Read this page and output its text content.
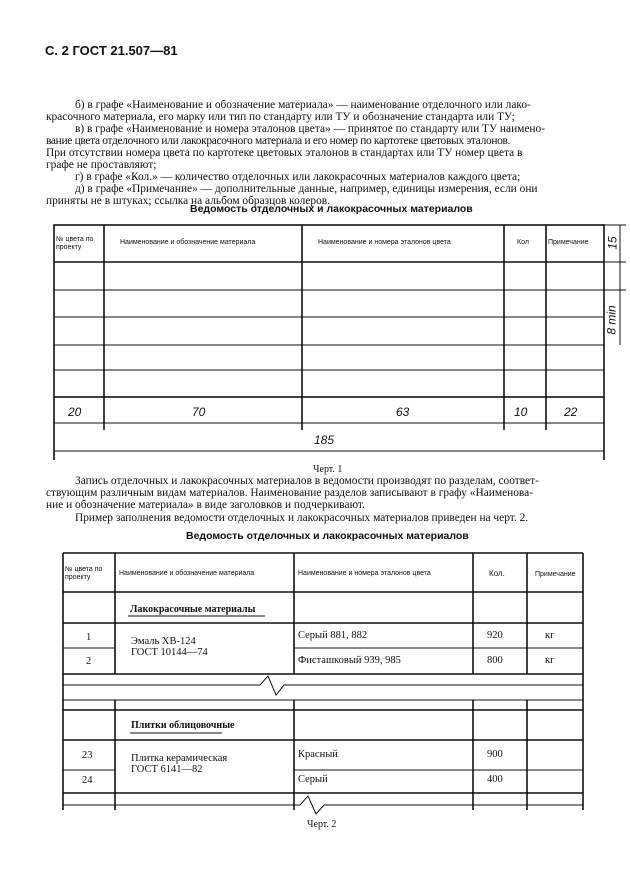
С. 2 ГОСТ 21.507—81
б) в графе «Наименование и обозначение материала» — наименование отделочного или лако-
красочного материала, его марку или тип по стандарту или ТУ и обозначение стандарта или ТУ;
в) в графе «Наименование и номера эталонов цвета» — принятое по стандарту или ТУ наимено-
вание цвета отделочного или лакокрасочного материала и его номер по картотеке цветовых эталонов.
При отсутствии номера цвета по картотеке цветовых эталонов в стандартах или ТУ номер цвета в
графе не проставляют;
г) в графе «Кол.» — количество отделочных или лакокрасочных материалов каждого цвета;
д) в графе «Примечание» — дополнительные данные, например, единицы измерения, если они
приняты не в штуках; ссылка на альбом образцов колеров.
Ведомость отделочных и лакокрасочных материалов
№ цвета по проекту
Наименование и обозначение материала	Наименование и номера эталонов цвета	Кол	Примечание
20	70	63	10	22
185
15
8 min
Черт. 1
Запись отделочных и лакокрасочных материалов в ведомости производят по разделам, соответ-
ствующим различным видам материалов. Наименование разделов записывают в графу «Наименова-
ние и обозначение материала» в виде заголовков и подчеркивают.
Пример заполнения ведомости отделочных и лакокрасочных материалов приведен на черт. 2.
Ведомость отделочных и лакокрасочных материалов
№ цвета по проекту
Наименование и обозначение материала	Наименование и номера эталонов цвета	Кол.	Примечание
Лакокрасочные материалы
Эмаль ХВ-124
ГОСТ 10144—74
1	Серый 881, 882	920	кг
2	Фисташковый 939, 985	800	кг
Плитки облицовочные
Плитка керамическая
ГОСТ 6141—82
23	Красный	900
24	Серый	400
Черт. 2
